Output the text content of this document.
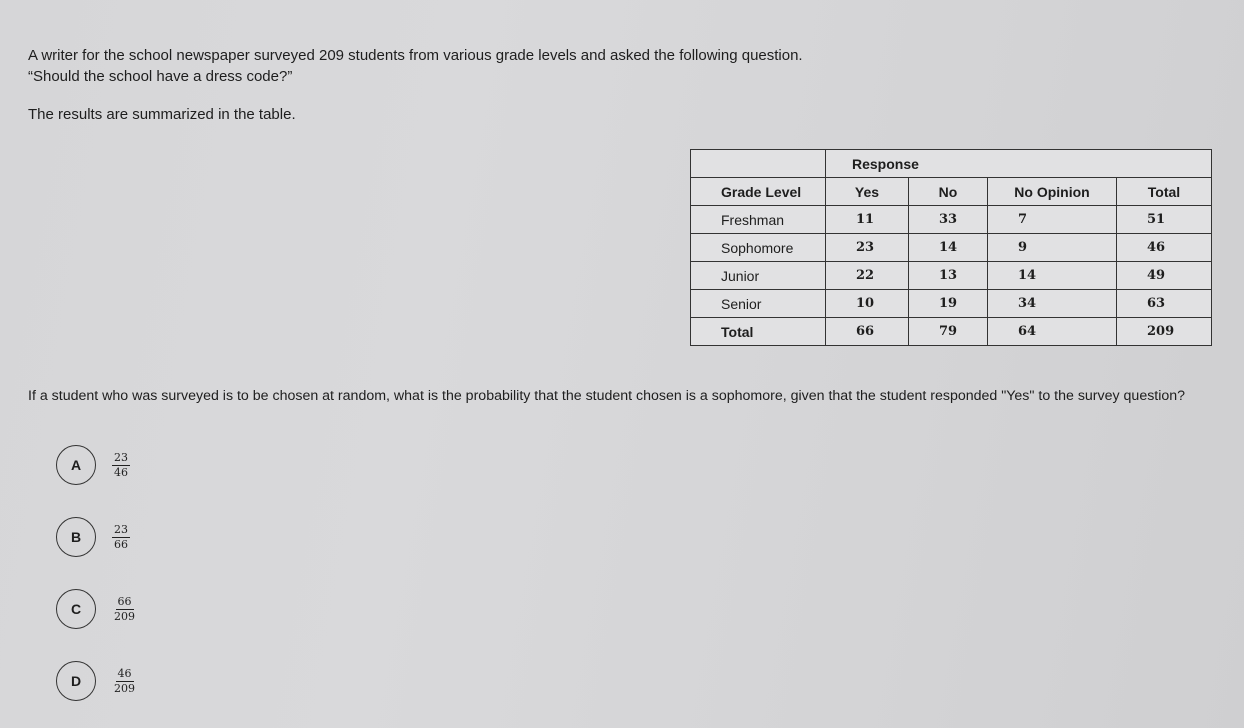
A writer for the school newspaper surveyed 209 students from various grade levels and asked the following question.

“Should the school have a dress code?”

The results are summarized in the table.

	Response			
Grade Level	Yes	No	No Opinion	Total
Freshman	11	33	7	51
Sophomore	23	14	9	46
Junior	22	13	14	49
Senior	10	19	34	63
Total	66	79	64	209
If a student who was surveyed is to be chosen at random, what is the probability that the student chosen is a sophomore, given that the student responded "Yes" to the survey question?
A	$\frac{23}{46}$
B	$\frac{23}{66}$
C	$\frac{66}{209}$
D	$\frac{46}{209}$
